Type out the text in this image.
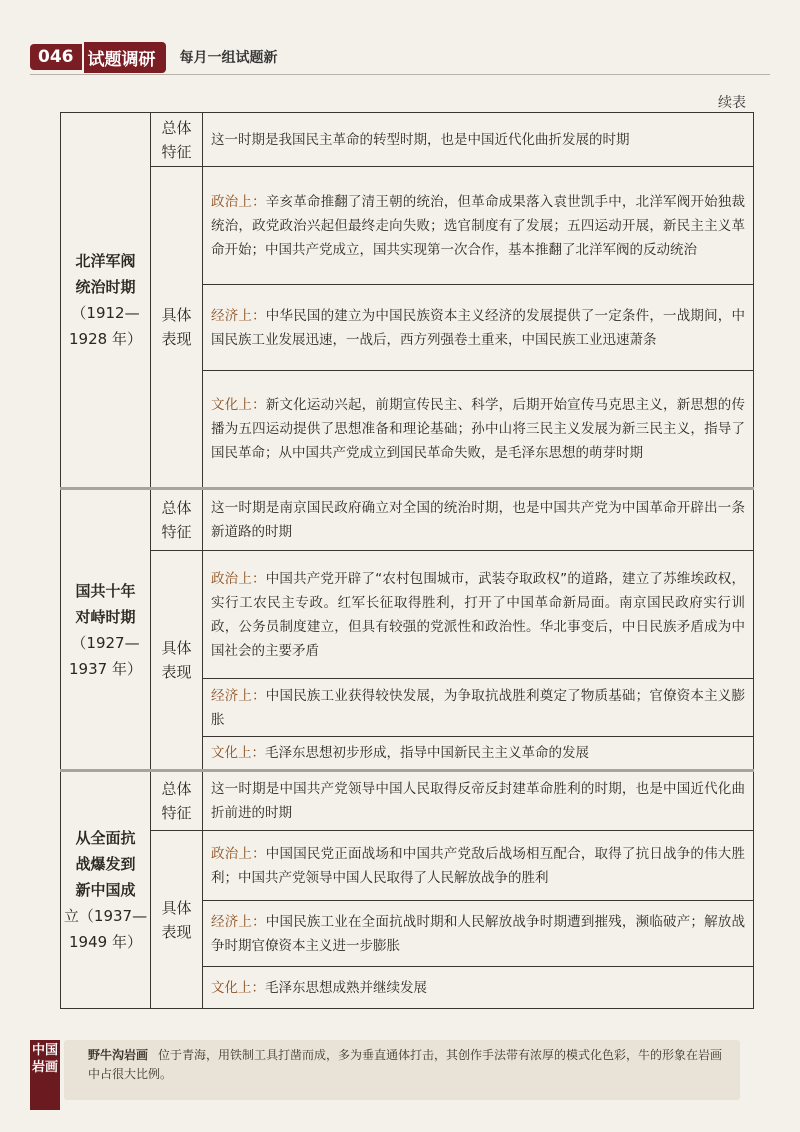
046 试题调研	每月一组试题新
续表
北洋军阀
统治时期
（1912—
1928 年）	总体特征	这一时期是我国民主革命的转型时期，也是中国近代化曲折发展的时期

	具体表现	政治上：辛亥革命推翻了清王朝的统治，但革命成果落入袁世凯手中，北洋军阀开始独裁统治，政党政治兴起但最终走向失败；选官制度有了发展；五四运动开展，新民主主义革命开始；中国共产党成立，国共实现第一次合作，基本推翻了北洋军阀的反动统治
		经济上：中华民国的建立为中国民族资本主义经济的发展提供了一定条件，一战期间，中国民族工业发展迅速，一战后，西方列强卷土重来，中国民族工业迅速萧条
		文化上：新文化运动兴起，前期宣传民主、科学，后期开始宣传马克思主义，新思想的传播为五四运动提供了思想准备和理论基础；孙中山将三民主义发展为新三民主义，指导了国民革命；从中国共产党成立到国民革命失败，是毛泽东思想的萌芽时期

国共十年
对峙时期
（1927—
1937 年）	总体特征	这一时期是南京国民政府确立对全国的统治时期，也是中国共产党为中国革命开辟出一条新道路的时期

	具体表现	政治上：中国共产党开辟了“农村包围城市，武装夺取政权”的道路，建立了苏维埃政权，实行工农民主专政。红军长征取得胜利，打开了中国革命新局面。南京国民政府实行训政，公务员制度建立，但具有较强的党派性和政治性。华北事变后，中日民族矛盾成为中国社会的主要矛盾
		经济上：中国民族工业获得较快发展，为争取抗战胜利奠定了物质基础；官僚资本主义膨胀
		文化上：毛泽东思想初步形成，指导中国新民主主义革命的发展

从全面抗
战爆发到
新中国成
立（1937—
1949 年）	总体特征	这一时期是中国共产党领导中国人民取得反帝反封建革命胜利的时期，也是中国近代化曲折前进的时期

	具体表现	政治上：中国国民党正面战场和中国共产党敌后战场相互配合，取得了抗日战争的伟大胜利；中国共产党领导中国人民取得了人民解放战争的胜利
		经济上：中国民族工业在全面抗战时期和人民解放战争时期遭到摧残，濒临破产；解放战争时期官僚资本主义进一步膨胀
		文化上：毛泽东思想成熟并继续发展
中国岩画
野牛沟岩画 位于青海，用铁制工具打凿而成，多为垂直通体打击，其创作手法带有浓厚的模式化色彩，牛的形象在岩画中占很大比例。
